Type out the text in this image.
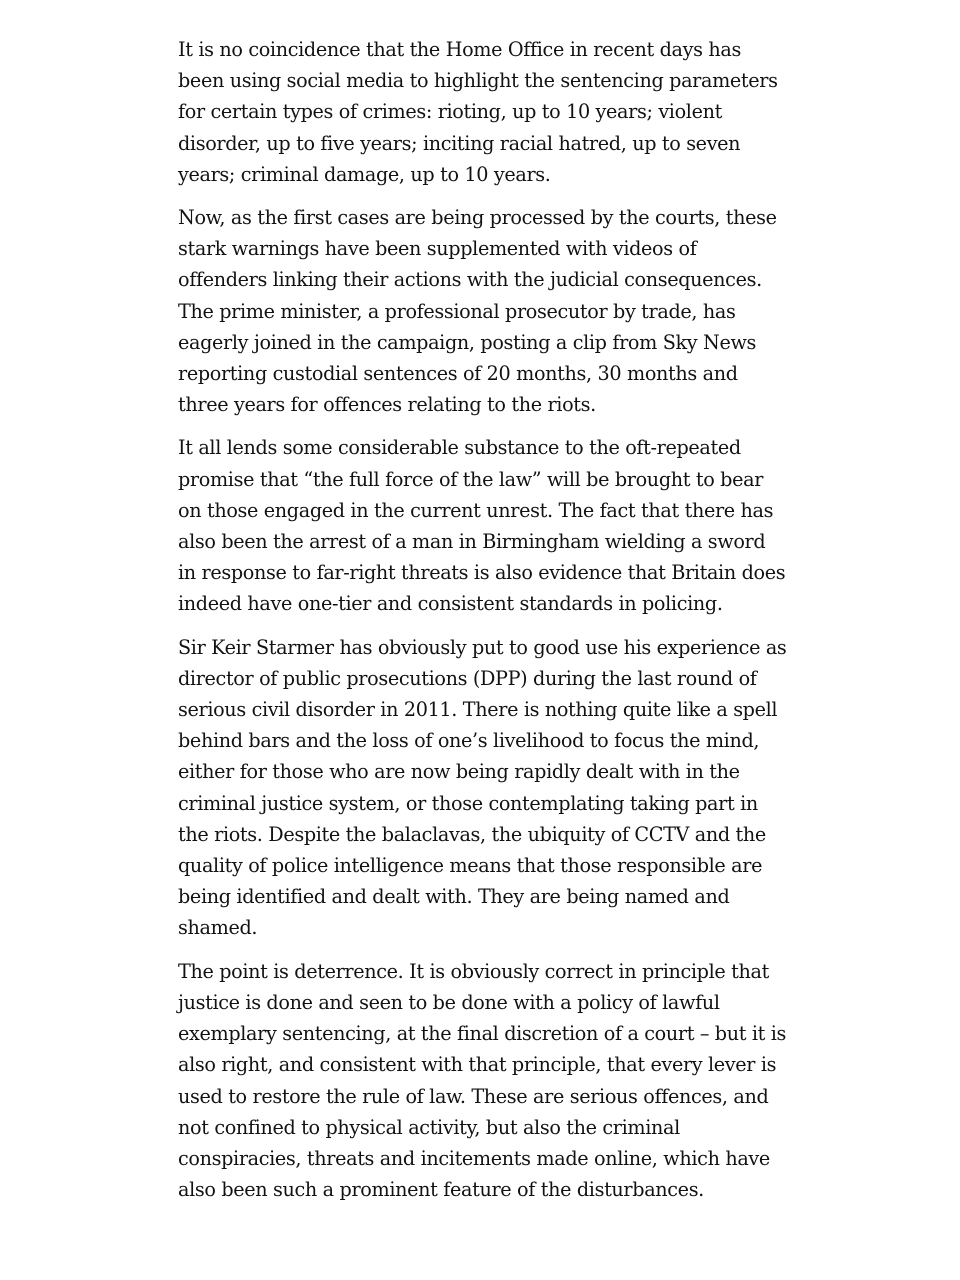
It is no coincidence that the Home Office in recent days has been using social media to highlight the sentencing parameters for certain types of crimes: rioting, up to 10 years; violent disorder, up to five years; inciting racial hatred, up to seven years; criminal damage, up to 10 years.

Now, as the first cases are being processed by the courts, these stark warnings have been supplemented with videos of offenders linking their actions with the judicial consequences. The prime minister, a professional prosecutor by trade, has eagerly joined in the campaign, posting a clip from Sky News reporting custodial sentences of 20 months, 30 months and three years for offences relating to the riots.

It all lends some considerable substance to the oft-repeated promise that “the full force of the law” will be brought to bear on those engaged in the current unrest. The fact that there has also been the arrest of a man in Birmingham wielding a sword in response to far-right threats is also evidence that Britain does indeed have one-tier and consistent standards in policing.

Sir Keir Starmer has obviously put to good use his experience as director of public prosecutions (DPP) during the last round of serious civil disorder in 2011. There is nothing quite like a spell behind bars and the loss of one’s livelihood to focus the mind, either for those who are now being rapidly dealt with in the criminal justice system, or those contemplating taking part in the riots. Despite the balaclavas, the ubiquity of CCTV and the quality of police intelligence means that those responsible are being identified and dealt with. They are being named and shamed.

The point is deterrence. It is obviously correct in principle that justice is done and seen to be done with a policy of lawful exemplary sentencing, at the final discretion of a court – but it is also right, and consistent with that principle, that every lever is used to restore the rule of law. These are serious offences, and not confined to physical activity, but also the criminal conspiracies, threats and incitements made online, which have also been such a prominent feature of the disturbances.
